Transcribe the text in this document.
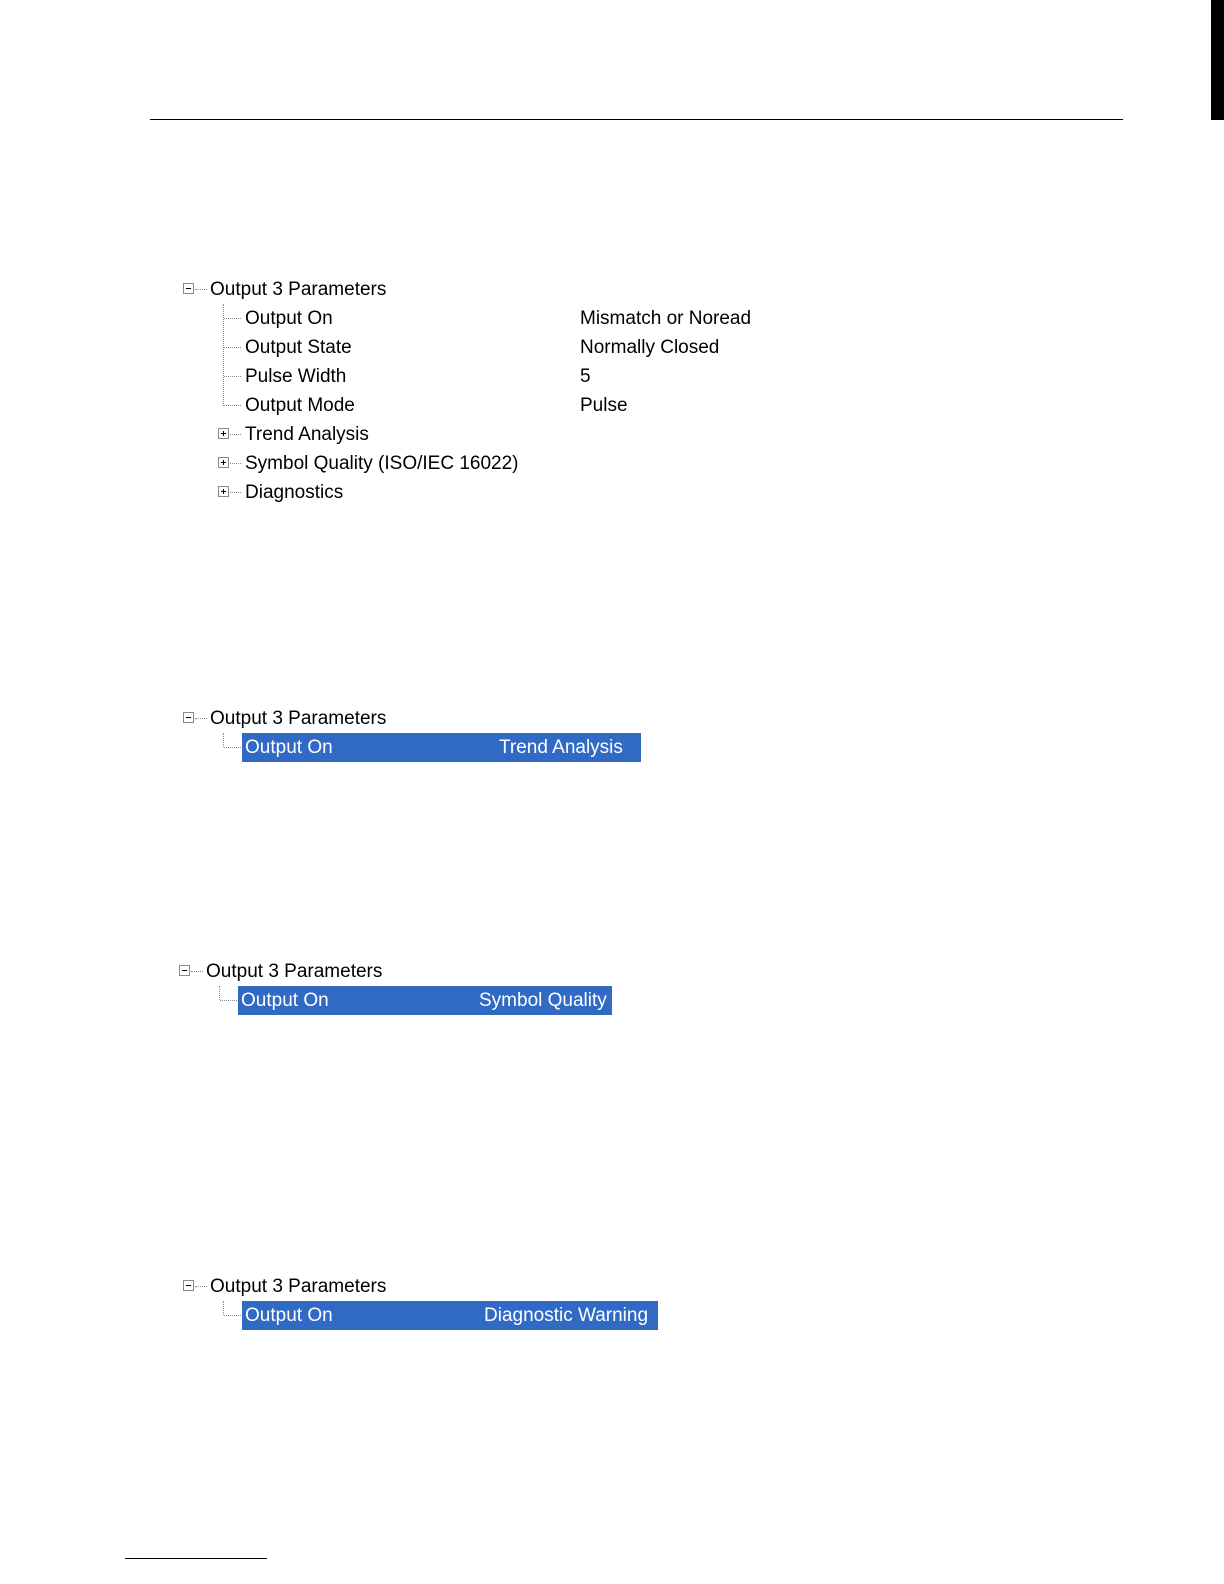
Output 3 Parameters
Output On	Mismatch or Noread
Output State	Normally Closed
Pulse Width	5
Output Mode	Pulse
Trend Analysis
Symbol Quality (ISO/IEC 16022)
Diagnostics
Output 3 Parameters
Output On	Trend Analysis
Output 3 Parameters
Output On	Symbol Quality
Output 3 Parameters
Output On	Diagnostic Warning
